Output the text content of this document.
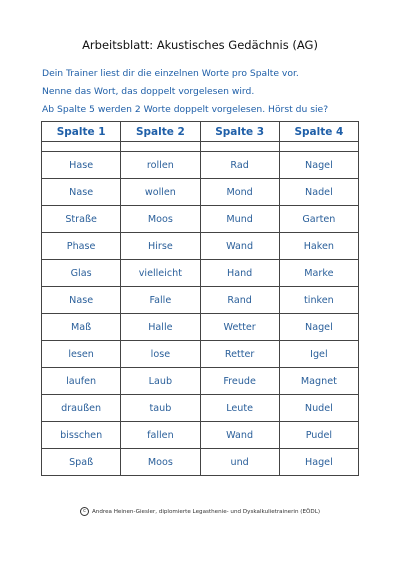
Arbeitsblatt: Akustisches Gedächnis (AG)
Dein Trainer liest dir die einzelnen Worte pro Spalte vor.
Nenne das Wort, das doppelt vorgelesen wird.
Ab Spalte 5 werden 2 Worte doppelt vorgelesen. Hörst du sie?
Spalte 1	Spalte 2	Spalte 3	Spalte 4

Hase	rollen	Rad	Nagel
Nase	wollen	Mond	Nadel
Straße	Moos	Mund	Garten
Phase	Hirse	Wand	Haken
Glas	vielleicht	Hand	Marke
Nase	Falle	Rand	tinken
Maß	Halle	Wetter	Nagel
lesen	lose	Retter	Igel
laufen	Laub	Freude	Magnet
draußen	taub	Leute	Nudel
bisschen	fallen	Wand	Pudel
Spaß	Moos	und	Hagel
c Andrea Heinen-Giesler, diplomierte Legasthenie- und Dyskalkulietrainerin (EÖDL)
